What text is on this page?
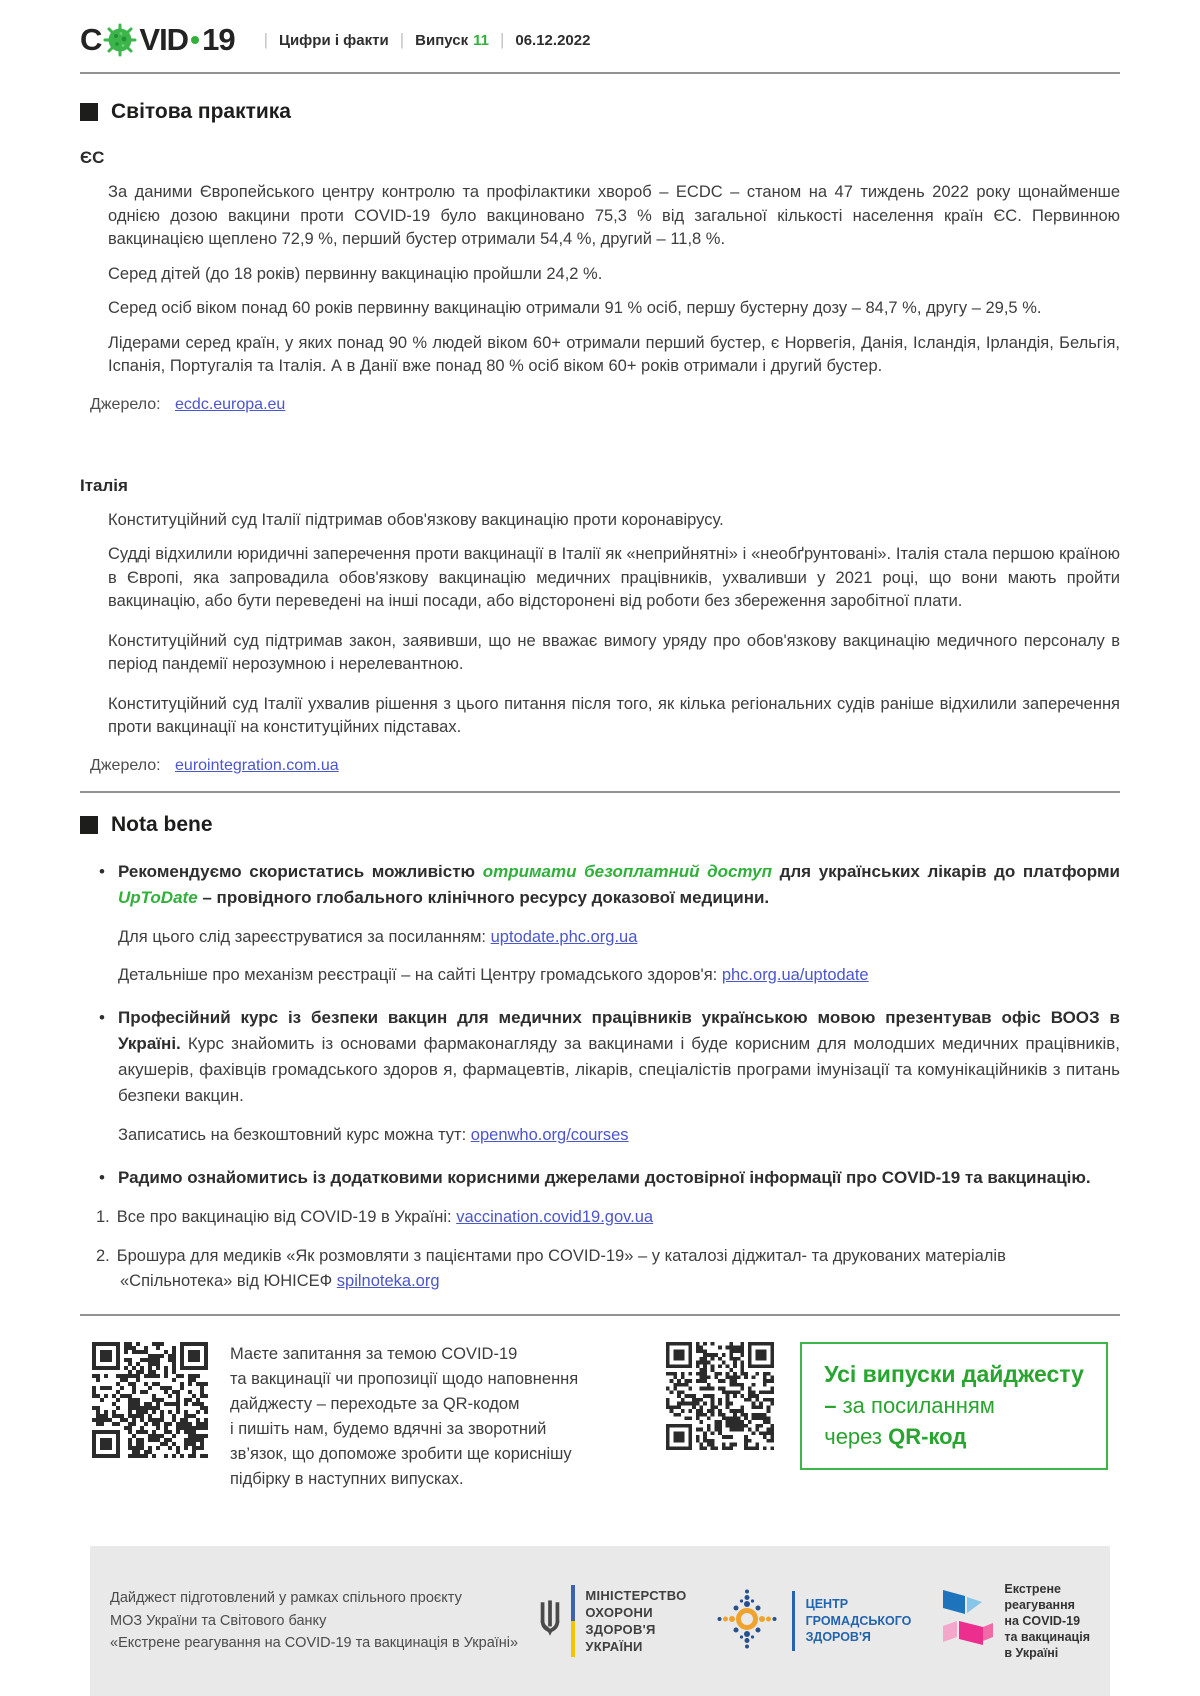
C VID 19 | Цифри і факти | Випуск 11 | 06.12.2022
Світова практика
ЄС

За даними Європейського центру контролю та профілактики хвороб – ECDC – станом на 47 тиждень 2022 року щонайменше однією дозою вакцини проти COVID-19 було вакциновано 75,3 % від загальної кількості населення країн ЄС. Первинною вакцинацією щеплено 72,9 %, перший бустер отримали 54,4 %, другий – 11,8 %.

Серед дітей (до 18 років) первинну вакцинацію пройшли 24,2 %.

Серед осіб віком понад 60 років первинну вакцинацію отримали 91 % осіб, першу бустерну дозу – 84,7 %, другу – 29,5 %.

Лідерами серед країн, у яких понад 90 % людей віком 60+ отримали перший бустер, є Норвегія, Данія, Ісландія, Ірландія, Бельгія, Іспанія, Португалія та Італія. А в Данії вже понад 80 % осіб віком 60+ років отримали і другий бустер.

Джерело: ecdc.europa.eu
Італія

Конституційний суд Італії підтримав обов'язкову вакцинацію проти коронавірусу.

Судді відхилили юридичні заперечення проти вакцинації в Італії як «неприйнятні» і «необґрунтовані». Італія стала першою країною в Європі, яка запровадила обов'язкову вакцинацію медичних працівників, ухваливши у 2021 році, що вони мають пройти вакцинацію, або бути переведені на інші посади, або відсторонені від роботи без збереження заробітної плати.

Конституційний суд підтримав закон, заявивши, що не вважає вимогу уряду про обов'язкову вакцинацію медичного персоналу в період пандемії нерозумною і нерелевантною.

Конституційний суд Італії ухвалив рішення з цього питання після того, як кілька регіональних судів раніше відхилили заперечення проти вакцинації на конституційних підставах.

Джерело: eurointegration.com.ua
Nota bene
• Рекомендуємо скористатись можливістю отримати безоплатний доступ для українських лікарів до платформи UpToDate – провідного глобального клінічного ресурсу доказової медицини.
Для цього слід зареєструватися за посиланням: uptodate.phc.org.ua
Детальніше про механізм реєстрації – на сайті Центру громадського здоров'я: phc.org.ua/uptodate
• Професійний курс із безпеки вакцин для медичних працівників українською мовою презентував офіс ВООЗ в Україні. Курс знайомить із основами фармаконагляду за вакцинами і буде корисним для молодших медичних працівників, акушерів, фахівців громадського здоров я, фармацевтів, лікарів, спеціалістів програми імунізації та комунікаційників з питань безпеки вакцин.
Записатись на безкоштовний курс можна тут: openwho.org/courses
• Радимо ознайомитись із додатковими корисними джерелами достовірної інформації про COVID-19 та вакцинацію.
1. Все про вакцинацію від COVID-19 в Україні: vaccination.covid19.gov.ua
2. Брошура для медиків «Як розмовляти з пацієнтами про COVID-19» – у каталозі діджитал- та друкованих матеріалів «Спільнотека» від ЮНІСЕФ spilnoteka.org
Маєте запитання за темою COVID-19
та вакцинації чи пропозиції щодо наповнення
дайджесту – переходьте за QR-кодом
і пишіть нам, будемо вдячні за зворотний
зв’язок, що допоможе зробити ще кориснішу
підбірку в наступних випусках.
Усі випуски дайджесту
– за посиланням
через QR-код
Дайджест підготовлений у рамках спільного проєкту
МОЗ України та Світового банку
«Екстрене реагування на COVID-19 та вакцинація в Україні»
МІНІСТЕРСТВО
ОХОРОНИ
ЗДОРОВ'Я
УКРАЇНИ
ЦЕНТР
ГРОМАДСЬКОГО
ЗДОРОВ'Я
Екстрене
реагування
на COVID-19
та вакцинація
в Україні
